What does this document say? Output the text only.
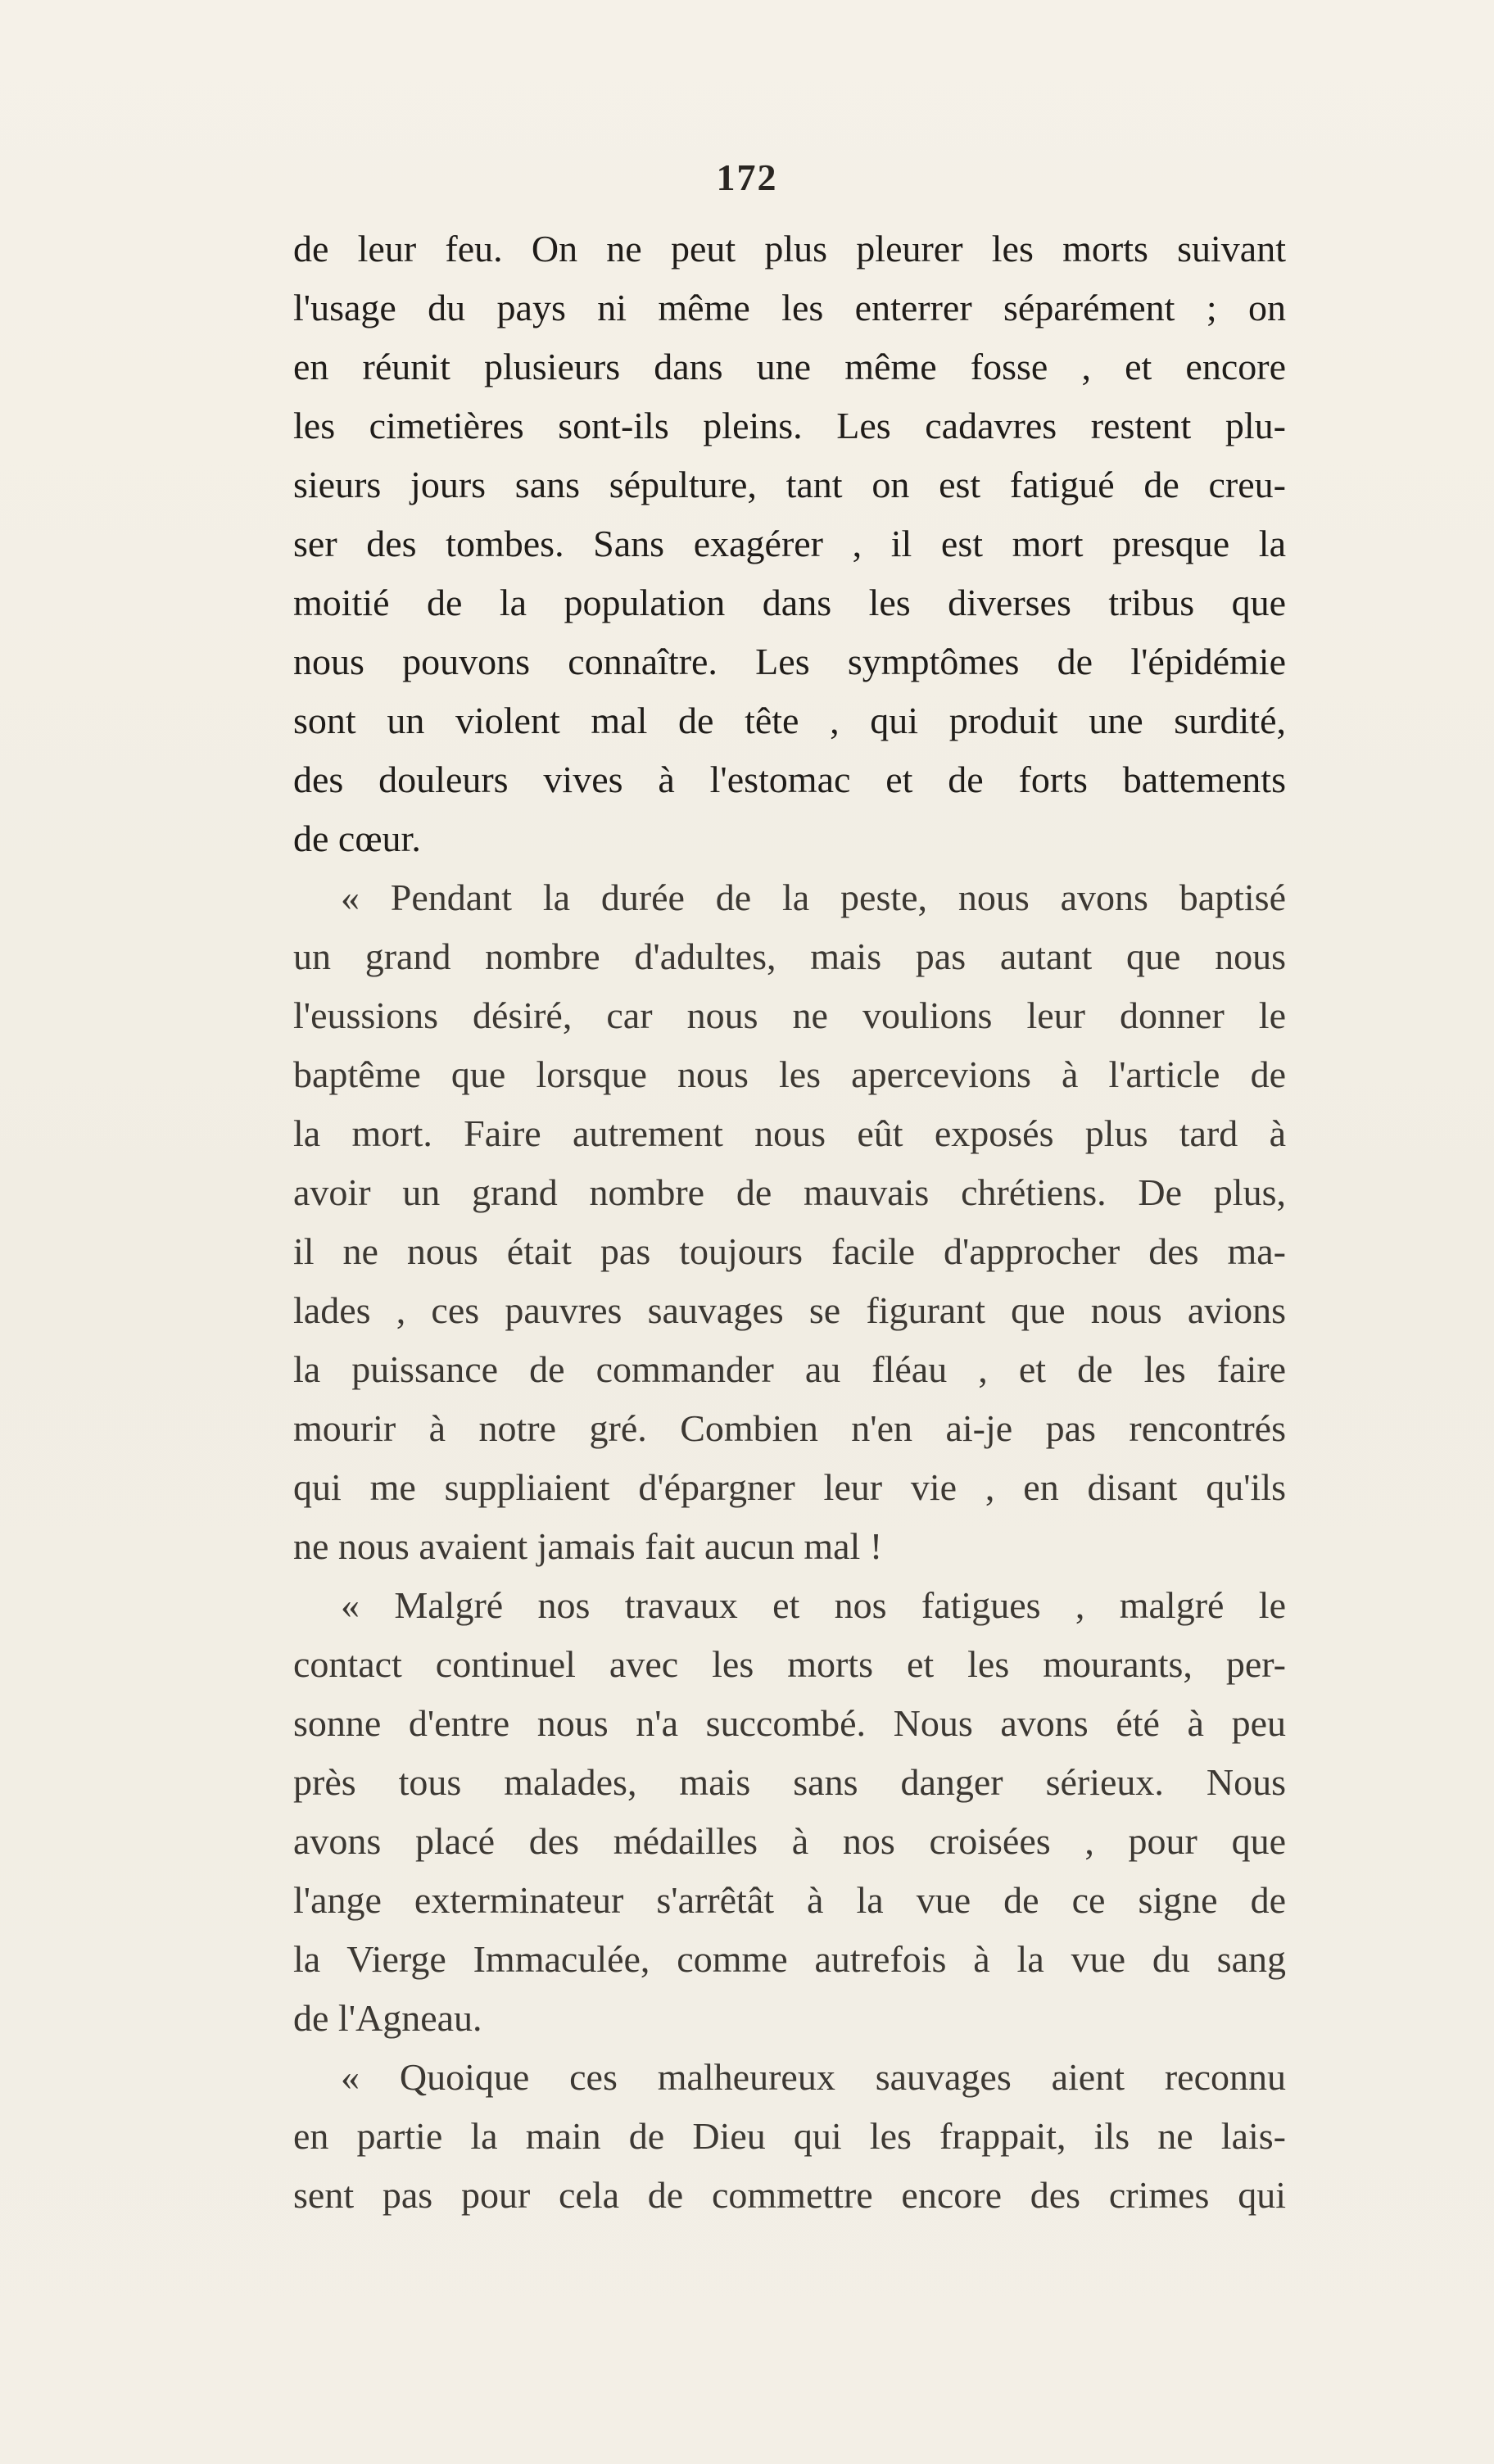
172
de leur feu. On ne peut plus pleurer les morts suivant
l'usage du pays ni même les enterrer séparément ; on
en réunit plusieurs dans une même fosse , et encore
les cimetières sont-ils pleins. Les cadavres restent plu-
sieurs jours sans sépulture, tant on est fatigué de creu-
ser des tombes. Sans exagérer , il est mort presque la
moitié de la population dans les diverses tribus que
nous pouvons connaître. Les symptômes de l'épidémie
sont un violent mal de tête , qui produit une surdité,
des douleurs vives à l'estomac et de forts battements
de cœur.
« Pendant la durée de la peste, nous avons baptisé
un grand nombre d'adultes, mais pas autant que nous
l'eussions désiré, car nous ne voulions leur donner le
baptême que lorsque nous les apercevions à l'article de
la mort. Faire autrement nous eût exposés plus tard à
avoir un grand nombre de mauvais chrétiens. De plus,
il ne nous était pas toujours facile d'approcher des ma-
lades , ces pauvres sauvages se figurant que nous avions
la puissance de commander au fléau , et de les faire
mourir à notre gré. Combien n'en ai-je pas rencontrés
qui me suppliaient d'épargner leur vie , en disant qu'ils
ne nous avaient jamais fait aucun mal !
« Malgré nos travaux et nos fatigues , malgré le
contact continuel avec les morts et les mourants, per-
sonne d'entre nous n'a succombé. Nous avons été à peu
près tous malades, mais sans danger sérieux. Nous
avons placé des médailles à nos croisées , pour que
l'ange exterminateur s'arrêtât à la vue de ce signe de
la Vierge Immaculée, comme autrefois à la vue du sang
de l'Agneau.
« Quoique ces malheureux sauvages aient reconnu
en partie la main de Dieu qui les frappait, ils ne lais-
sent pas pour cela de commettre encore des crimes qui
